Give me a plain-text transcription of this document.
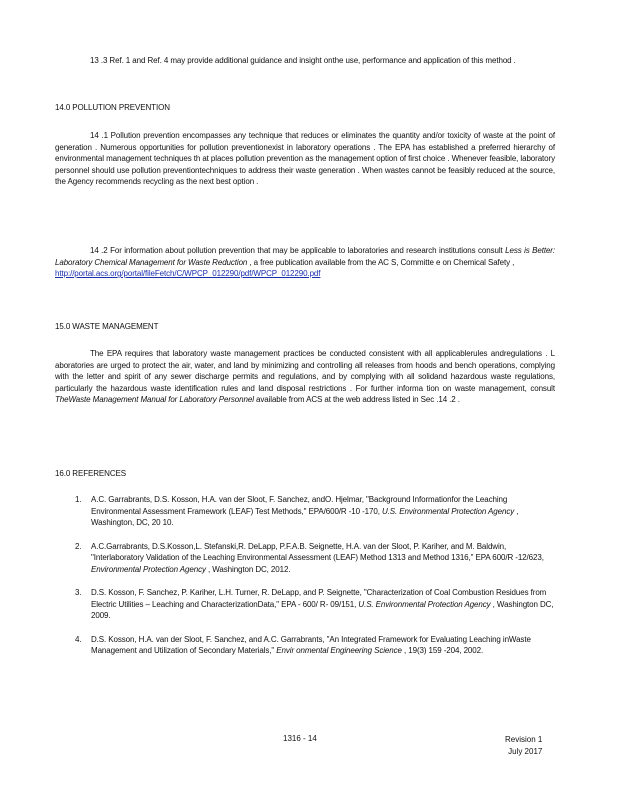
13 .3 Ref. 1 and Ref. 4 may provide additional guidance and insight onthe use, performance and application of this method .

14.0 POLLUTION PREVENTION

14 .1 Pollution prevention encompasses any technique that reduces or eliminates the quantity and/or toxicity of waste at the point of generation . Numerous opportunities for pollution preventionexist in laboratory operations . The EPA has established a preferred hierarchy of environmental management techniques th at places pollution prevention as the management option of first choice . Whenever feasible, laboratory personnel should use pollution preventiontechniques to address their waste generation . When wastes cannot be feasibly reduced at the source, the Agency recommends recycling as the next best option .

14 .2 For information about pollution prevention that may be applicable to laboratories and research institutions consult Less is Better: Laboratory Chemical Management for Waste Reduction , a free publication available from the AC S, Committe e on Chemical Safety ,
http://portal.acs.org/portal/fileFetch/C/WPCP_012290/pdf/WPCP_012290.pdf

15.0 WASTE MANAGEMENT

The EPA requires that laboratory waste management practices be conducted consistent with all applicablerules andregulations . L aboratories are urged to protect the air, water, and land by minimizing and controlling all releases from hoods and bench operations, complying with the letter and spirit of any sewer discharge permits and regulations, and by complying with all solidand hazardous waste regulations, particularly the hazardous waste identification rules and land disposal restrictions . For further informa tion on waste management, consult TheWaste Management Manual for Laboratory Personnel available from ACS at the web address listed in Sec .14 .2 .

16.0 REFERENCES
1. A.C. Garrabrants, D.S. Kosson, H.A. van der Sloot, F. Sanchez, andO. Hjelmar, "Background Informationfor the Leaching Environmental Assessment Framework (LEAF) Test Methods," EPA/600/R -10 -170, U.S. Environmental Protection Agency , Washington, DC, 20 10.
2. A.C.Garrabrants, D.S.Kosson,L. Stefanski,R. DeLapp, P.F.A.B. Seignette, H.A. van der Sloot, P. Kariher, and M. Baldwin, "Interlaboratory Validation of the Leaching Environmental Assessment (LEAF) Method 1313 and Method 1316," EPA 600/R -12/623, Environmental Protection Agency , Washington DC, 2012.
3. D.S. Kosson, F. Sanchez, P. Kariher, L.H. Turner, R. DeLapp, and P. Seignette, "Characterization of Coal Combustion Residues from Electric Utilities – Leaching and CharacterizationData," EPA - 600/ R- 09/151, U.S. Environmental Protection Agency , Washington DC, 2009.
4. D.S. Kosson, H.A. van der Sloot, F. Sanchez, and A.C. Garrabrants, "An Integrated Framework for Evaluating Leaching inWaste Management and Utilization of Secondary Materials," Envir onmental Engineering Science , 19(3) 159 -204, 2002.
1316 - 14	Revision 1
July 2017
